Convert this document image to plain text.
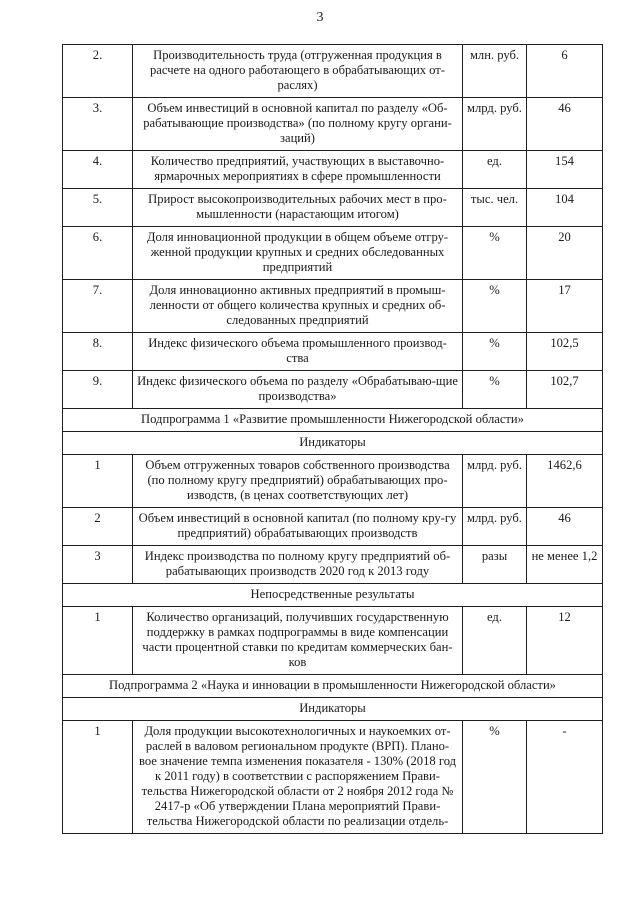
3
2.	Производительность труда (отгруженная продукция в расчете на одного работающего в обрабатывающих от-раслях)	млн. руб.	6
3.	Объем инвестиций в основной капитал по разделу «Об-рабатывающие производства» (по полному кругу органи-заций)	млрд. руб.	46
4.	Количество предприятий, участвующих в выставочно-ярмарочных мероприятиях в сфере промышленности	ед.	154
5.	Прирост высокопроизводительных рабочих мест в про-мышленности (нарастающим итогом)	тыс. чел.	104
6.	Доля инновационной продукции в общем объеме отгру-женной продукции крупных и средних обследованных предприятий	%	20
7.	Доля инновационно активных предприятий в промыш-ленности от общего количества крупных и средних об-следованных предприятий	%	17
8.	Индекс физического объема промышленного производ-ства	%	102,5
9.	Индекс физического объема по разделу «Обрабатываю-щие производства»	%	102,7
Подпрограмма 1 «Развитие промышленности Нижегородской области»			
Индикаторы			
1	Объем отгруженных товаров собственного производства (по полному кругу предприятий) обрабатывающих про-изводств, (в ценах соответствующих лет)	млрд. руб.	1462,6
2	Объем инвестиций в основной капитал (по полному кру-гу предприятий) обрабатывающих производств	млрд. руб.	46
3	Индекс производства по полному кругу предприятий об-рабатывающих производств 2020 год к 2013 году	разы	не менее 1,2
Непосредственные результаты			
1	Количество организаций, получивших государственную поддержку в рамках подпрограммы в виде компенсации части процентной ставки по кредитам коммерческих бан-ков	ед.	12
Подпрограмма 2 «Наука и инновации в промышленности Нижегородской области»			
Индикаторы			
1	Доля продукции высокотехнологичных и наукоемких от-раслей в валовом региональном продукте (ВРП). Плано-вое значение темпа изменения показателя - 130% (2018 год к 2011 году) в соответствии с распоряжением Прави-тельства Нижегородской области от 2 ноября 2012 года № 2417-р «Об утверждении Плана мероприятий Прави-тельства Нижегородской области по реализации отдель-	%	-
